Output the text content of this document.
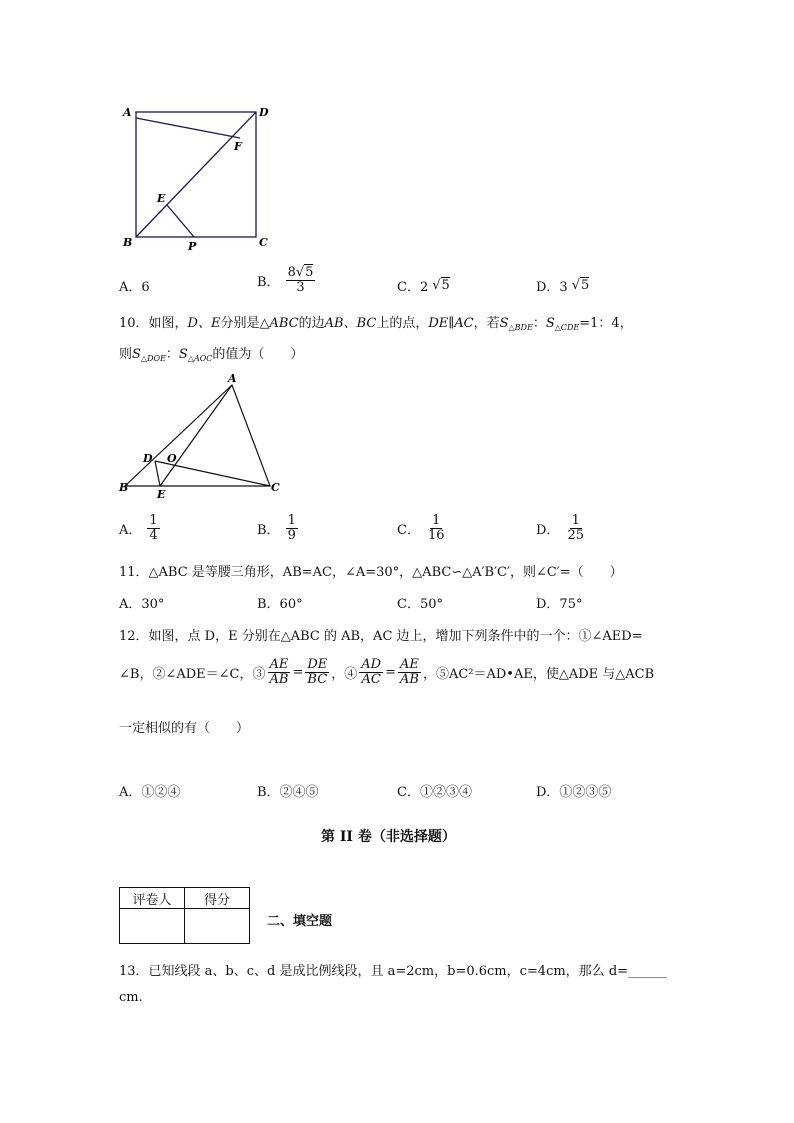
A	D
F
E
B	P	C
A．6	B． $\frac{8√5}{3}$	C．2 √5	D．3 √5
10．如图，D、E分别是△ABC的边AB、BC上的点，DE∥AC，若$S_{\triangle BDE}$：$S_{\triangle CDE}=1$：4，
则$S_{\triangle DOE}$：$S_{\triangle AOC}$的值为（　　）
A
D O
B
E
C
A． $\frac{1}{4}$	B． $\frac{1}{9}$	C． $\frac{1}{16}$	D． $\frac{1}{25}$
11．△ABC 是等腰三角形，AB=AC，∠A=30°，△ABC∽△A′B′C′，则∠C′=（　　）
A．30°	B．60°	C．50°	D．75°
12．如图，点 D，E 分别在△ABC 的 AB，AC 边上，增加下列条件中的一个：①∠AED=
∠B，②∠ADE＝∠C，③ $\frac{AE}{AB} = \frac{DE}{BC}$ ，④ $\frac{AD}{AC} = \frac{AE}{AB}$ ，⑤AC²＝AD•AE，使△ADE 与△ACB
一定相似的有（　　）
A．①②④	B．②④⑤	C．①②③④	D．①②③⑤
第 II 卷（非选择题）
评卷人	得分

二、填空题
13．已知线段 a、b、c、d 是成比例线段，且 a=2cm，b=0.6cm，c=4cm，那么 d=______
cm.
